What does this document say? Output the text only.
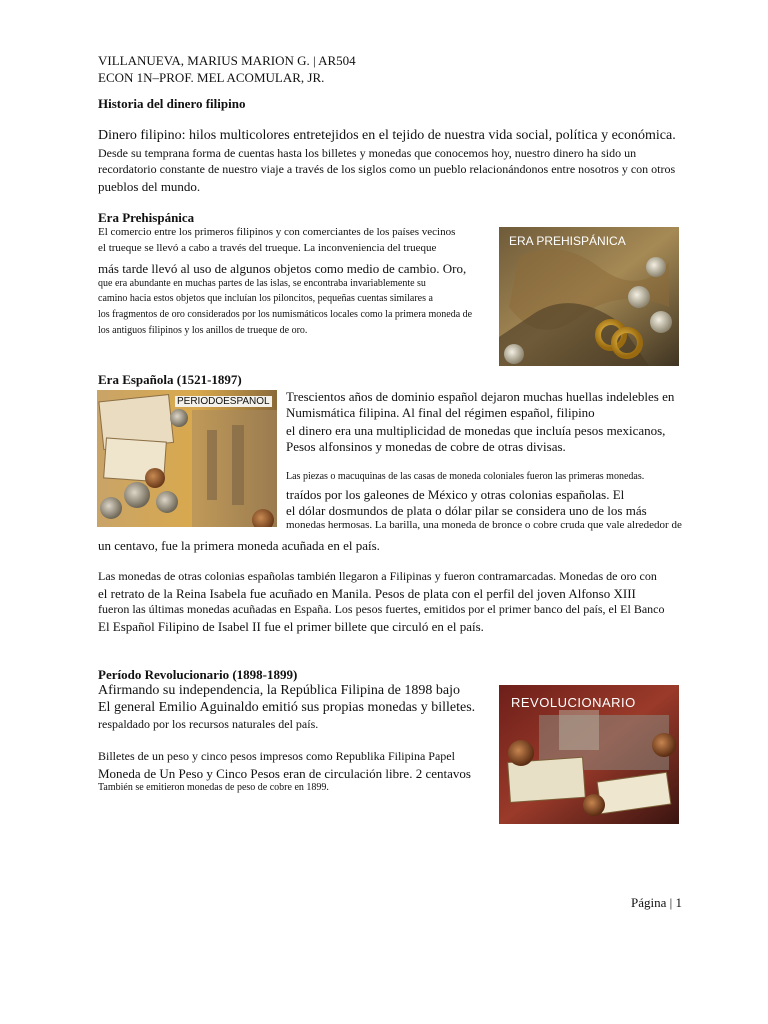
VILLANUEVA, MARIUS MARION G. | AR504
ECON 1N–PROF. MEL ACOMULAR, JR.
Historia del dinero filipino
Dinero filipino: hilos multicolores entretejidos en el tejido de nuestra vida social, política y económica.
Desde su temprana forma de cuentas hasta los billetes y monedas que conocemos hoy, nuestro dinero ha sido un
recordatorio constante de nuestro viaje a través de los siglos como un pueblo relacionándonos entre nosotros y con otros
pueblos del mundo.
Era Prehispánica
El comercio entre los primeros filipinos y con comerciantes de los países vecinos
el trueque se llevó a cabo a través del trueque. La inconveniencia del trueque
más tarde llevó al uso de algunos objetos como medio de cambio. Oro,
que era abundante en muchas partes de las islas, se encontraba invariablemente su
camino hacia estos objetos que incluían los piloncitos, pequeñas cuentas similares a
los fragmentos de oro considerados por los numismáticos locales como la primera moneda de
los antiguos filipinos y los anillos de trueque de oro.
ERA PREHISPÁNICA
Era Española (1521-1897)
PERIODOESPANOL Trescientos años de dominio español dejaron muchas huellas indelebles en
Numismática filipina. Al final del régimen español, filipino
el dinero era una multiplicidad de monedas que incluía pesos mexicanos,
Pesos alfonsinos y monedas de cobre de otras divisas.
Las piezas o macuquinas de las casas de moneda coloniales fueron las primeras monedas.
traídos por los galeones de México y otras colonias españolas. El
el dólar dosmundos de plata o dólar pilar se considera uno de los más
monedas hermosas. La barilla, una moneda de bronce o cobre cruda que vale alrededor de
un centavo, fue la primera moneda acuñada en el país.
Las monedas de otras colonias españolas también llegaron a Filipinas y fueron contramarcadas. Monedas de oro con
el retrato de la Reina Isabela fue acuñado en Manila. Pesos de plata con el perfil del joven Alfonso XIII
fueron las últimas monedas acuñadas en España. Los pesos fuertes, emitidos por el primer banco del país, el El Banco
El Español Filipino de Isabel II fue el primer billete que circuló en el país.
Período Revolucionario (1898-1899)
Afirmando su independencia, la República Filipina de 1898 bajo
El general Emilio Aguinaldo emitió sus propias monedas y billetes.
respaldado por los recursos naturales del país.
Billetes de un peso y cinco pesos impresos como Republika Filipina Papel
Moneda de Un Peso y Cinco Pesos eran de circulación libre. 2 centavos
También se emitieron monedas de peso de cobre en 1899.
REVOLUCIONARIO
Página | 1
